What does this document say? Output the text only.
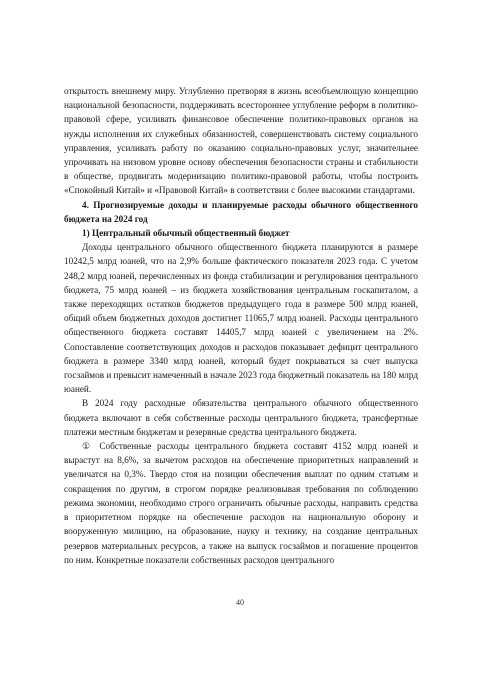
открытость внешнему миру. Углубленно претворяя в жизнь всеобъемлющую концепцию национальной безопасности, поддерживать всестороннее углубление реформ в политико-правовой сфере, усиливать финансовое обеспечение политико-правовых органов на нужды исполнения их служебных обязанностей, совершенствовать систему социального управления, усиливать работу по оказанию социально-правовых услуг, значительнее упрочивать на низовом уровне основу обеспечения безопасности страны и стабильности в обществе, продвигать модернизацию политико-правовой работы, чтобы построить «Спокойный Китай» и «Правовой Китай» в соответствии с более высокими стандартами.

4. Прогнозируемые доходы и планируемые расходы обычного общественного бюджета на 2024 год

1) Центральный обычный общественный бюджет

Доходы центрального обычного общественного бюджета планируются в размере 10242,5 млрд юаней, что на 2,9% больше фактического показателя 2023 года. С учетом 248,2 млрд юаней, перечисленных из фонда стабилизации и регулирования центрального бюджета, 75 млрд юаней – из бюджета хозяйствования центральным госкапиталом, а также переходящих остатков бюджетов предыдущего года в размере 500 млрд юаней, общий объем бюджетных доходов достигнет 11065,7 млрд юаней. Расходы центрального общественного бюджета составят 14405,7 млрд юаней с увеличением на 2%. Сопоставление соответствующих доходов и расходов показывает дефицит центрального бюджета в размере 3340 млрд юаней, который будет покрываться за счет выпуска госзаймов и превысит намеченный в начале 2023 года бюджетный показатель на 180 млрд юаней.

В 2024 году расходные обязательства центрального обычного общественного бюджета включают в себя собственные расходы центрального бюджета, трансфертные платежи местным бюджетам и резервные средства центрального бюджета.

① Собственные расходы центрального бюджета составят 4152 млрд юаней и вырастут на 8,6%, за вычетом расходов на обеспечение приоритетных направлений и увеличатся на 0,3%. Твердо стоя на позиции обеспечения выплат по одним статьям и сокращения по другим, в строгом порядке реализовывая требования по соблюдению режима экономии, необходимо строго ограничить обычные расходы, направить средства в приоритетном порядке на обеспечение расходов на национальную оборону и вооруженную милицию, на образование, науку и технику, на создание центральных резервов материальных ресурсов, а также на выпуск госзаймов и погашение процентов по ним. Конкретные показатели собственных расходов центрального

40
